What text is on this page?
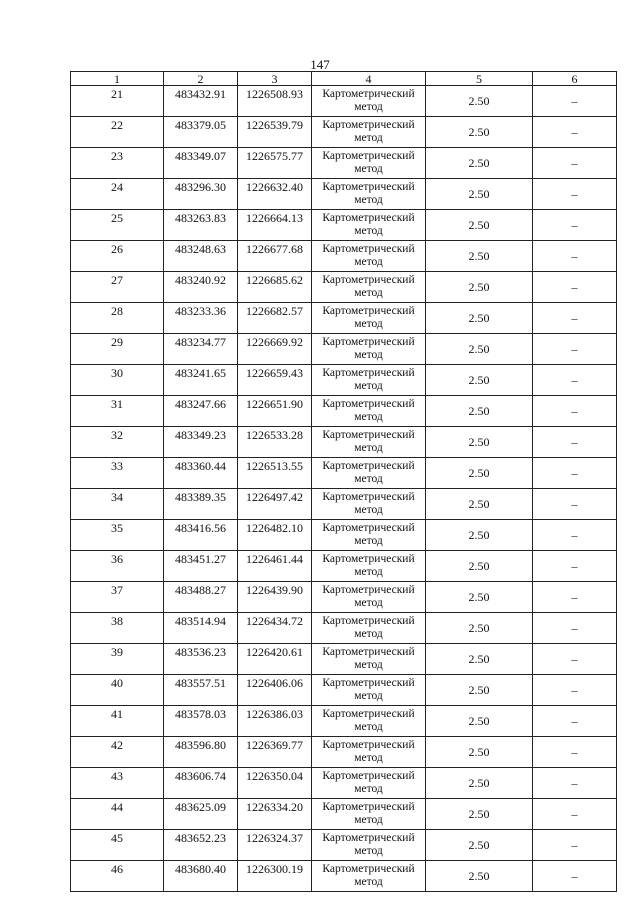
147
1	2	3	4	5	6
21	483432.91	1226508.93	Картометрический метод	2.50	–
22	483379.05	1226539.79	Картометрический метод	2.50	–
23	483349.07	1226575.77	Картометрический метод	2.50	–
24	483296.30	1226632.40	Картометрический метод	2.50	–
25	483263.83	1226664.13	Картометрический метод	2.50	–
26	483248.63	1226677.68	Картометрический метод	2.50	–
27	483240.92	1226685.62	Картометрический метод	2.50	–
28	483233.36	1226682.57	Картометрический метод	2.50	–
29	483234.77	1226669.92	Картометрический метод	2.50	–
30	483241.65	1226659.43	Картометрический метод	2.50	–
31	483247.66	1226651.90	Картометрический метод	2.50	–
32	483349.23	1226533.28	Картометрический метод	2.50	–
33	483360.44	1226513.55	Картометрический метод	2.50	–
34	483389.35	1226497.42	Картометрический метод	2.50	–
35	483416.56	1226482.10	Картометрический метод	2.50	–
36	483451.27	1226461.44	Картометрический метод	2.50	–
37	483488.27	1226439.90	Картометрический метод	2.50	–
38	483514.94	1226434.72	Картометрический метод	2.50	–
39	483536.23	1226420.61	Картометрический метод	2.50	–
40	483557.51	1226406.06	Картометрический метод	2.50	–
41	483578.03	1226386.03	Картометрический метод	2.50	–
42	483596.80	1226369.77	Картометрический метод	2.50	–
43	483606.74	1226350.04	Картометрический метод	2.50	–
44	483625.09	1226334.20	Картометрический метод	2.50	–
45	483652.23	1226324.37	Картометрический метод	2.50	–
46	483680.40	1226300.19	Картометрический метод	2.50	–
